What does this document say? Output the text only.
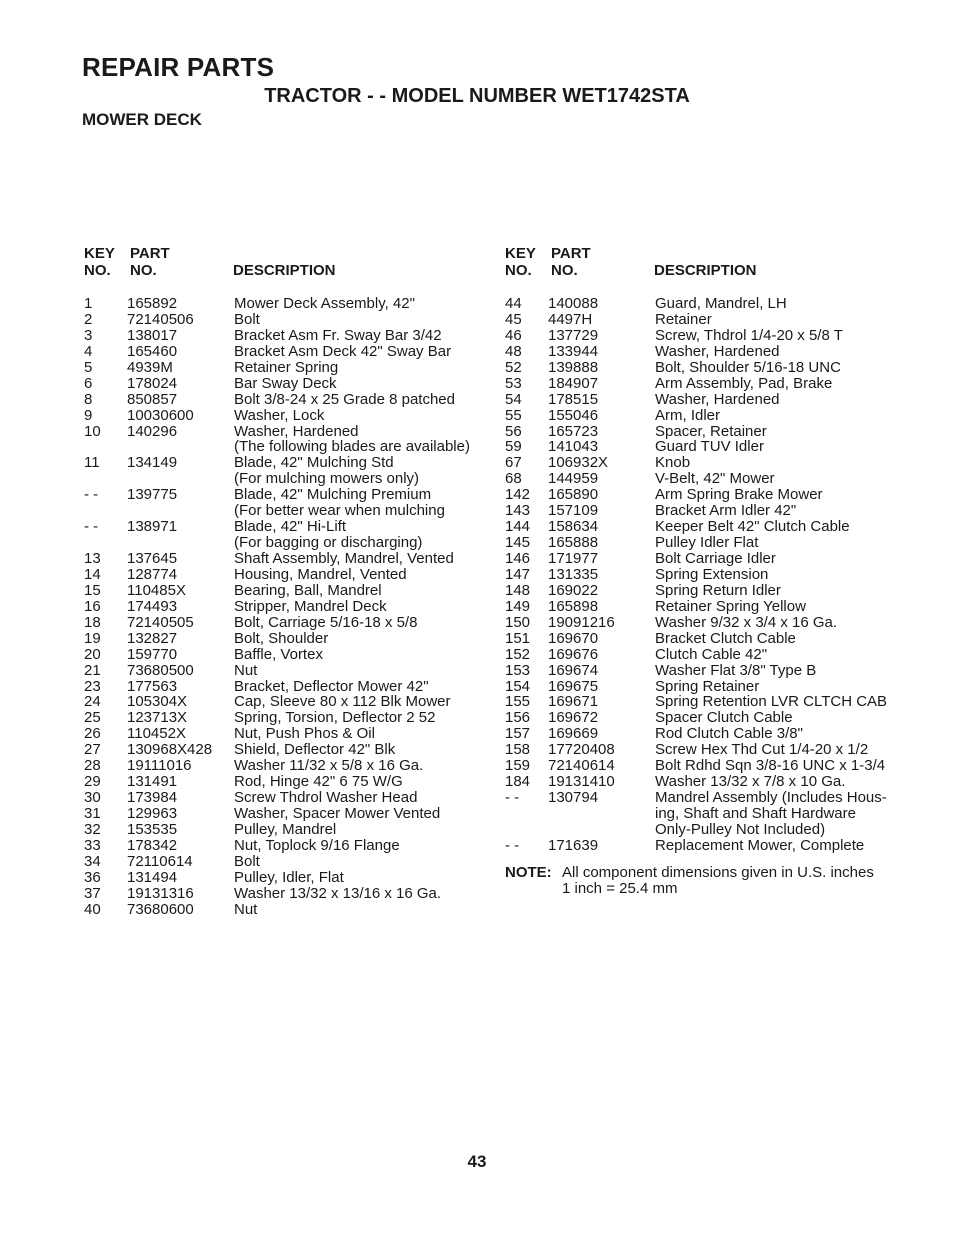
REPAIR PARTS
TRACTOR - - MODEL NUMBER WET1742STA
MOWER DECK
KEY
NO.
PART
NO.	DESCRIPTION
1 165892	Mower Deck Assembly, 42"
2 72140506	Bolt
3 138017	Bracket Asm Fr. Sway Bar 3/42
4 165460	Bracket Asm Deck 42" Sway Bar
5 4939M	Retainer Spring
6 178024	Bar Sway Deck
8 850857	Bolt 3/8-24 x 25 Grade 8 patched
9 10030600	Washer, Lock
10 140296	Washer, Hardened
(The following blades are available)
11 134149	Blade, 42" Mulching Std
(For mulching mowers only)
- - 139775	Blade, 42" Mulching Premium
(For better wear when mulching
- - 138971	Blade, 42" Hi-Lift
(For bagging or discharging)
13 137645	Shaft Assembly, Mandrel, Vented
14 128774	Housing, Mandrel, Vented
15 110485X	Bearing, Ball, Mandrel
16 174493	Stripper, Mandrel Deck
18 72140505	Bolt, Carriage 5/16-18 x 5/8
19 132827	Bolt, Shoulder
20 159770	Baffle, Vortex
21 73680500	Nut
23 177563	Bracket, Deflector Mower 42"
24 105304X	Cap, Sleeve 80 x 112 Blk Mower
25 123713X	Spring, Torsion, Deflector 2 52
26 110452X	Nut, Push Phos & Oil
27 130968X428 Shield, Deflector 42" Blk
28 19111016	Washer 11/32 x 5/8 x 16 Ga.
29 131491	Rod, Hinge 42" 6 75 W/G
30 173984	Screw Thdrol Washer Head
31 129963	Washer, Spacer Mower Vented
32 153535	Pulley, Mandrel
33 178342	Nut, Toplock 9/16 Flange
34 72110614	Bolt
36 131494	Pulley, Idler, Flat
37 19131316	Washer 13/32 x 13/16 x 16 Ga.
40 73680600	Nut
KEY
NO.
PART
NO.	DESCRIPTION
44 140088	Guard, Mandrel, LH
45 4497H	Retainer
46 137729	Screw, Thdrol 1/4-20 x 5/8 T
48 133944	Washer, Hardened
52 139888	Bolt, Shoulder 5/16-18 UNC
53 184907	Arm Assembly, Pad, Brake
54 178515	Washer, Hardened
55 155046	Arm, Idler
56 165723	Spacer, Retainer
59 141043	Guard TUV Idler
67 106932X	Knob
68 144959	V-Belt, 42" Mower
142 165890	Arm Spring Brake Mower
143 157109	Bracket Arm Idler 42"
144 158634	Keeper Belt 42" Clutch Cable
145 165888	Pulley Idler Flat
146 171977	Bolt Carriage Idler
147 131335	Spring Extension
148 169022	Spring Return Idler
149 165898	Retainer Spring Yellow
150 19091216	Washer 9/32 x 3/4 x 16 Ga.
151 169670	Bracket Clutch Cable
152 169676	Clutch Cable 42"
153 169674	Washer Flat 3/8" Type B
154 169675	Spring Retainer
155 169671	Spring Retention LVR CLTCH CAB
156 169672	Spacer Clutch Cable
157 169669	Rod Clutch Cable 3/8"
158 17720408	Screw Hex Thd Cut 1/4-20 x 1/2
159 72140614	Bolt Rdhd Sqn 3/8-16 UNC x 1-3/4
184 19131410	Washer 13/32 x 7/8 x 10 Ga.
- - 130794	Mandrel Assembly (Includes Hous-
ing, Shaft and Shaft Hardware
Only-Pulley Not Included)
- - 171639	Replacement Mower, Complete
NOTE: All component dimensions given in U.S. inches
1 inch = 25.4 mm
43
